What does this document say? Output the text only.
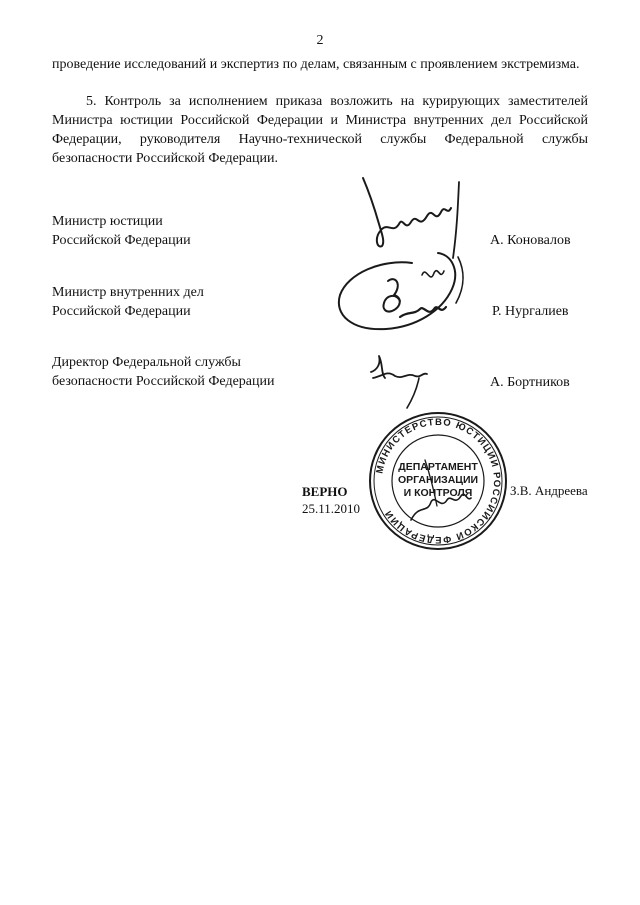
2

проведение исследований и экспертиз по делам, связанным с проявлением экстремизма.

5. Контроль за исполнением приказа возложить на курирующих заместителей Министра юстиции Российской Федерации и Министра внутренних дел Российской Федерации, руководителя Научно-технической службы Федеральной службы безопасности Российской Федерации.

Министр юстиции
Российской Федерации	А. Коновалов
Министр внутренних дел
Российской Федерации	Р. Нургалиев
Директор Федеральной службы
безопасности Российской Федерации	А. Бортников
ВЕРНО
25.11.2010
МИНИСТЕРСТВО ЮСТИЦИИ РОССИЙСКОЙ ФЕДЕРАЦИИ
ДЕПАРТАМЕНТ
ОРГАНИЗАЦИИ
И КОНТРОЛЯ	З.В. Андреева
